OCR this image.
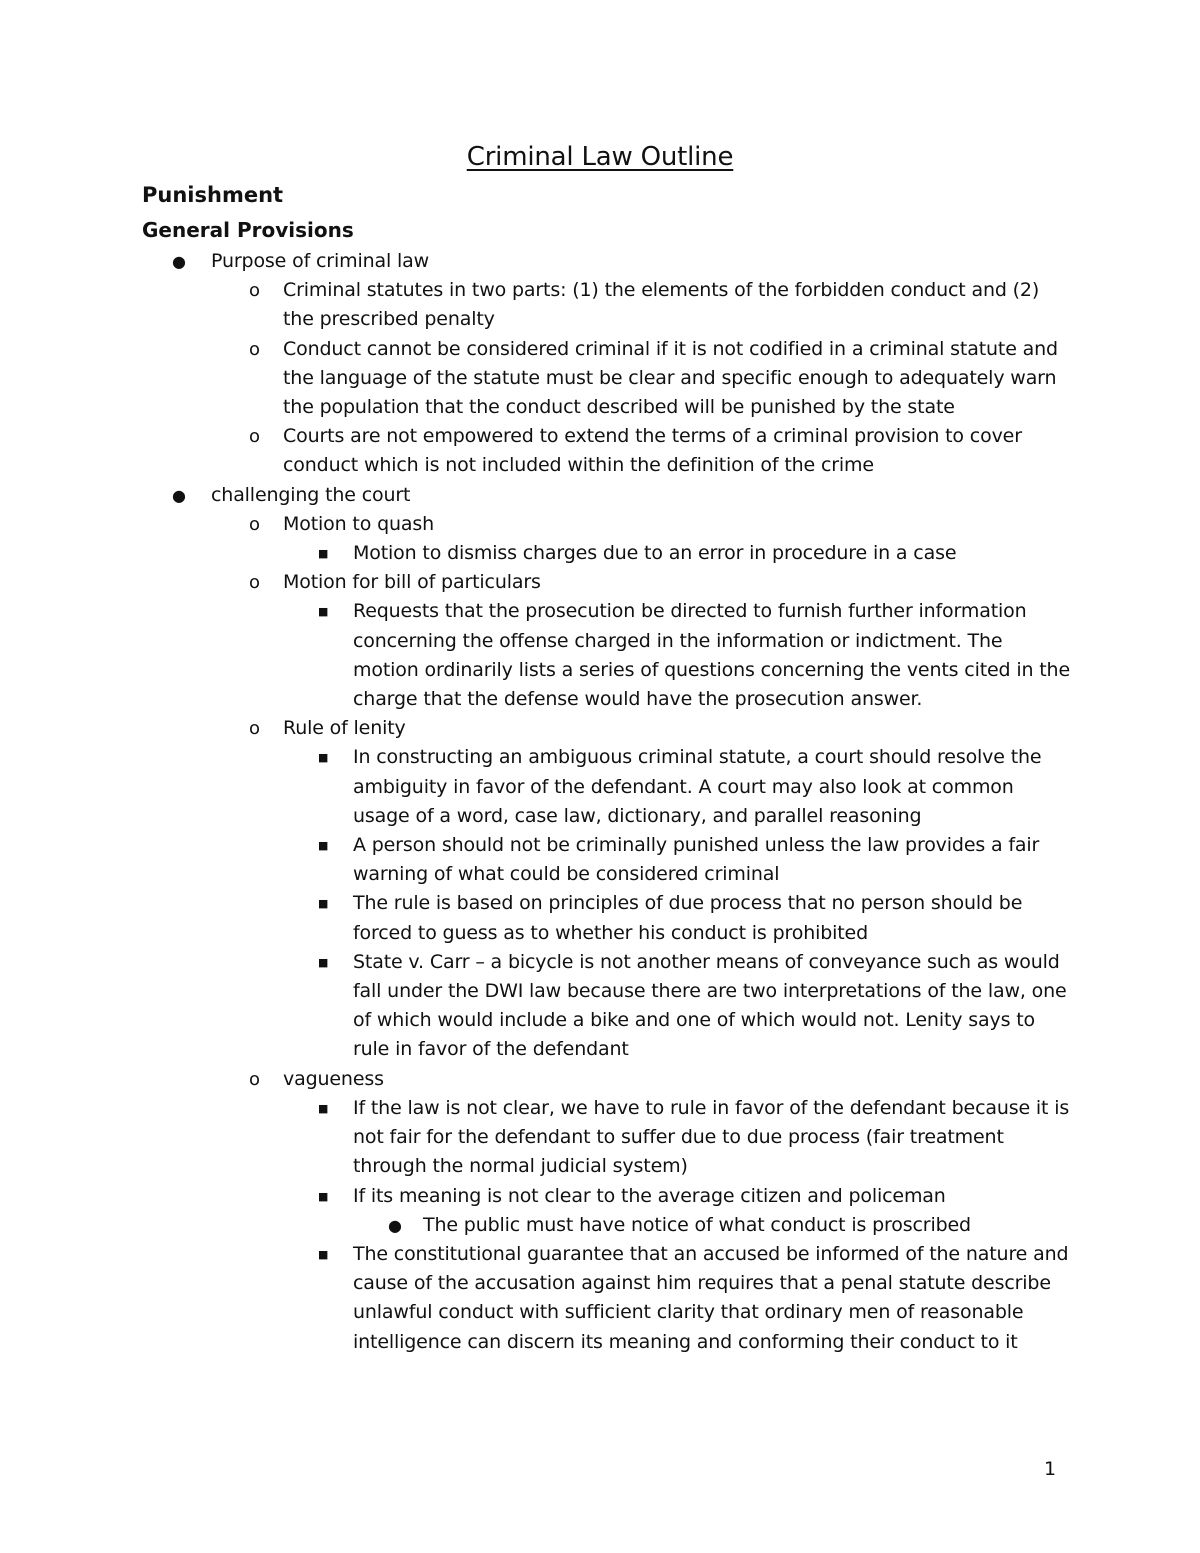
Criminal Law Outline
Punishment
General Provisions
● Purpose of criminal law
o Criminal statutes in two parts: (1) the elements of the forbidden conduct and (2) the prescribed penalty
o Conduct cannot be considered criminal if it is not codified in a criminal statute and the language of the statute must be clear and specific enough to adequately warn the population that the conduct described will be punished by the state
o Courts are not empowered to extend the terms of a criminal provision to cover conduct which is not included within the definition of the crime
● challenging the court
o Motion to quash
■ Motion to dismiss charges due to an error in procedure in a case
o Motion for bill of particulars
■ Requests that the prosecution be directed to furnish further information concerning the offense charged in the information or indictment. The motion ordinarily lists a series of questions concerning the vents cited in the charge that the defense would have the prosecution answer.
o Rule of lenity
■ In constructing an ambiguous criminal statute, a court should resolve the ambiguity in favor of the defendant. A court may also look at common usage of a word, case law, dictionary, and parallel reasoning
■ A person should not be criminally punished unless the law provides a fair warning of what could be considered criminal
■ The rule is based on principles of due process that no person should be forced to guess as to whether his conduct is prohibited
■ State v. Carr – a bicycle is not another means of conveyance such as would fall under the DWI law because there are two interpretations of the law, one of which would include a bike and one of which would not. Lenity says to rule in favor of the defendant
o vagueness
■ If the law is not clear, we have to rule in favor of the defendant because it is not fair for the defendant to suffer due to due process (fair treatment through the normal judicial system)
■ If its meaning is not clear to the average citizen and policeman
● The public must have notice of what conduct is proscribed
■ The constitutional guarantee that an accused be informed of the nature and cause of the accusation against him requires that a penal statute describe unlawful conduct with sufficient clarity that ordinary men of reasonable intelligence can discern its meaning and conforming their conduct to it

1
